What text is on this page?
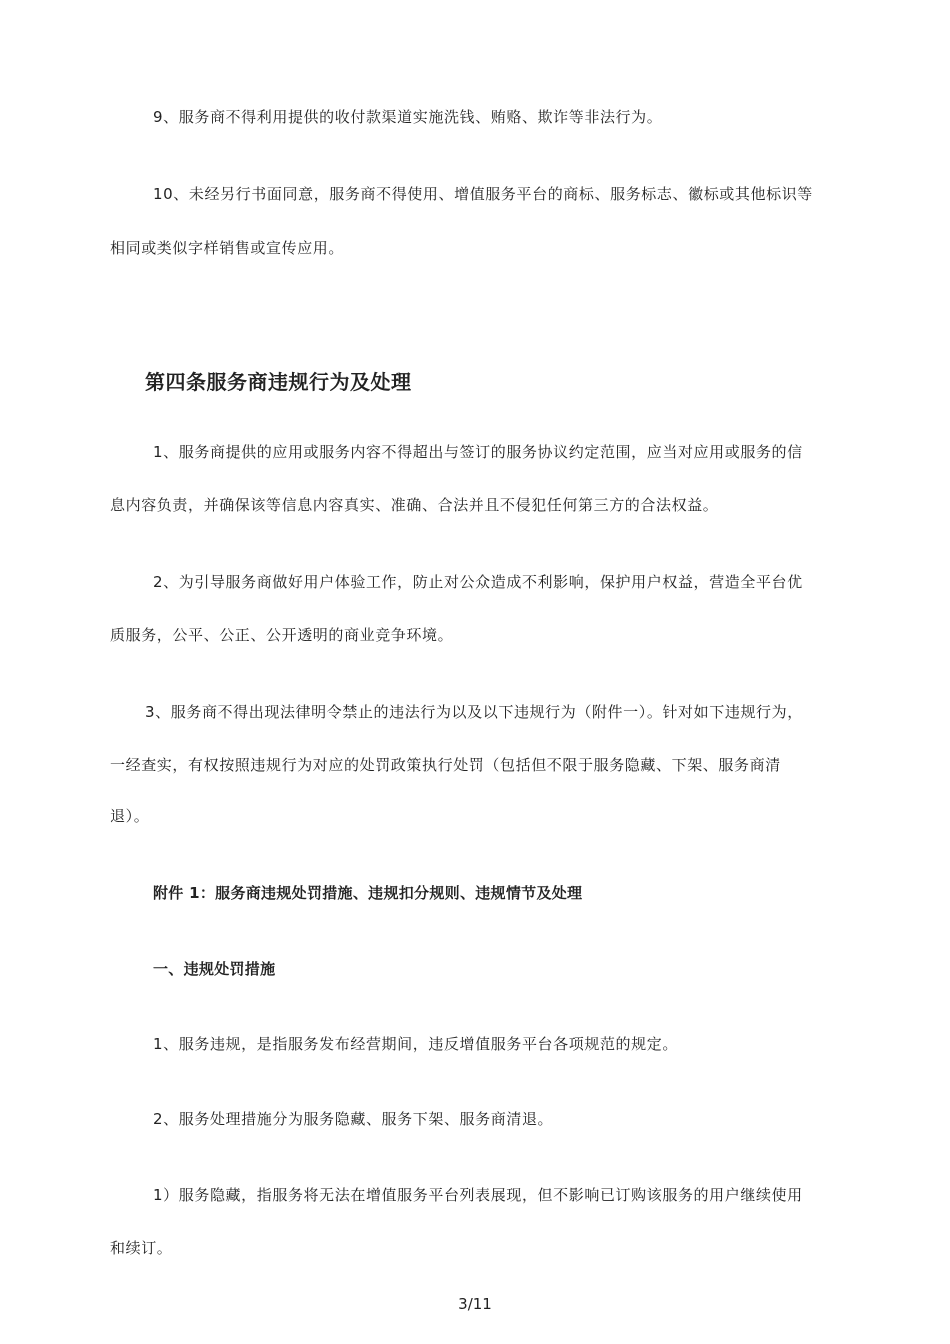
9、服务商不得利用提供的收付款渠道实施洗钱、贿赂、欺诈等非法行为。
10、未经另行书面同意，服务商不得使用、增值服务平台的商标、服务标志、徽标或其他标识等
相同或类似字样销售或宣传应用。
第四条服务商违规行为及处理
1、服务商提供的应用或服务内容不得超出与签订的服务协议约定范围，应当对应用或服务的信
息内容负责，并确保该等信息内容真实、准确、合法并且不侵犯任何第三方的合法权益。
2、为引导服务商做好用户体验工作，防止对公众造成不利影响，保护用户权益，营造全平台优
质服务，公平、公正、公开透明的商业竞争环境。
3、服务商不得出现法律明令禁止的违法行为以及以下违规行为（附件一）。针对如下违规行为，
一经查实，有权按照违规行为对应的处罚政策执行处罚（包括但不限于服务隐藏、下架、服务商清
退）。
附件 1：服务商违规处罚措施、违规扣分规则、违规情节及处理
一、违规处罚措施
1、服务违规，是指服务发布经营期间，违反增值服务平台各项规范的规定。
2、服务处理措施分为服务隐藏、服务下架、服务商清退。
1）服务隐藏，指服务将无法在增值服务平台列表展现，但不影响已订购该服务的用户继续使用
和续订。
3/11
